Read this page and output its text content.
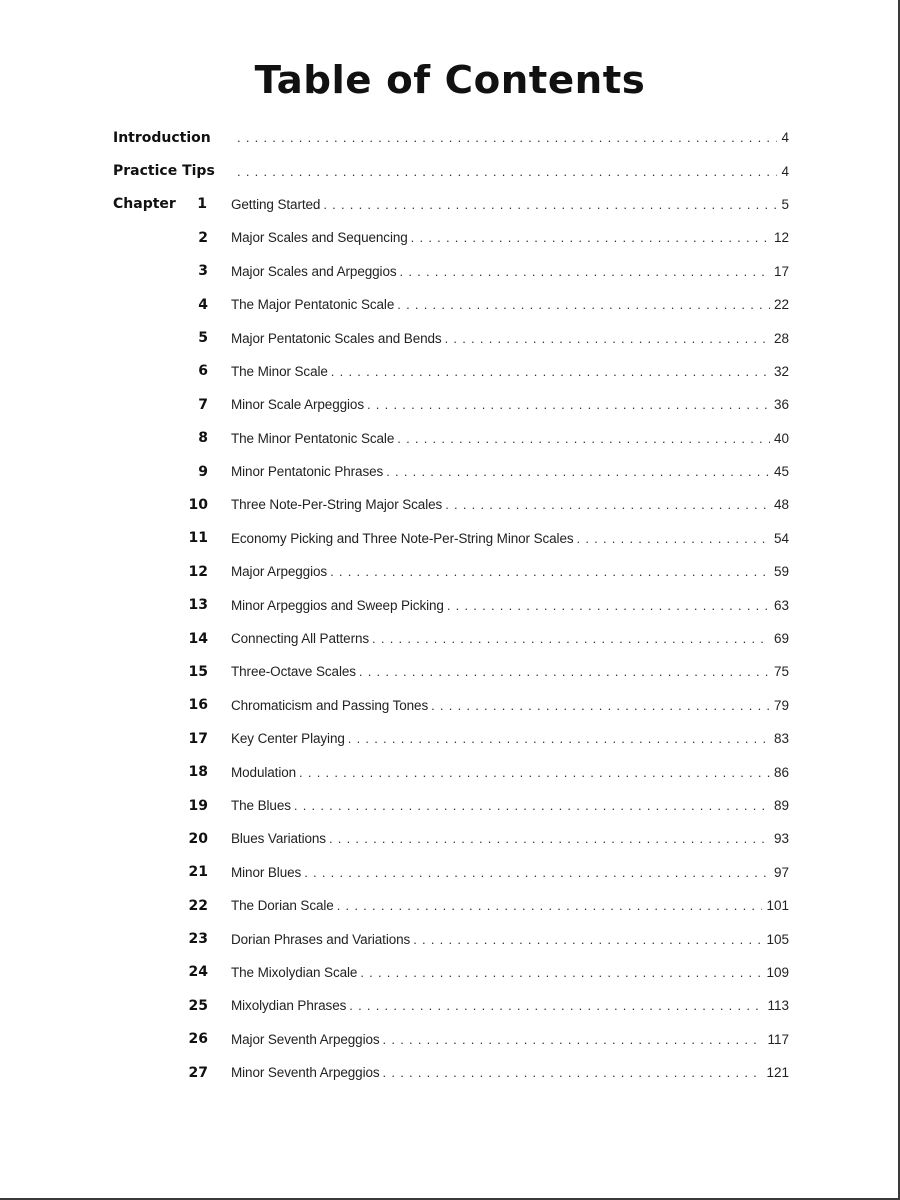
Table of Contents
Introduction . . .	4
Practice Tips . . .	4
Chapter	1 Getting Started . . .	5
2 Major Scales and Sequencing . . .	12
3 Major Scales and Arpeggios . . .	17
4 The Major Pentatonic Scale . . .	22
5 Major Pentatonic Scales and Bends . . .	28
6 The Minor Scale . . .	32
7 Minor Scale Arpeggios . . .	36
8 The Minor Pentatonic Scale . . .	40
9 Minor Pentatonic Phrases . . .	45
10 Three Note-Per-String Major Scales . . .	48
11 Economy Picking and Three Note-Per-String Minor Scales . . .	54
12 Major Arpeggios . . .	59
13 Minor Arpeggios and Sweep Picking . . .	63
14 Connecting All Patterns . . .	69
15 Three-Octave Scales . . .	75
16 Chromaticism and Passing Tones . . .	79
17 Key Center Playing . . .	83
18 Modulation . . .	86
19 The Blues . . .	89
20 Blues Variations . . .	93
21 Minor Blues . . .	97
22 The Dorian Scale . . .	101
23 Dorian Phrases and Variations . . .	105
24 The Mixolydian Scale . . .	109
25 Mixolydian Phrases . . .	113
26 Major Seventh Arpeggios . . .	117
27 Minor Seventh Arpeggios . . .	121
